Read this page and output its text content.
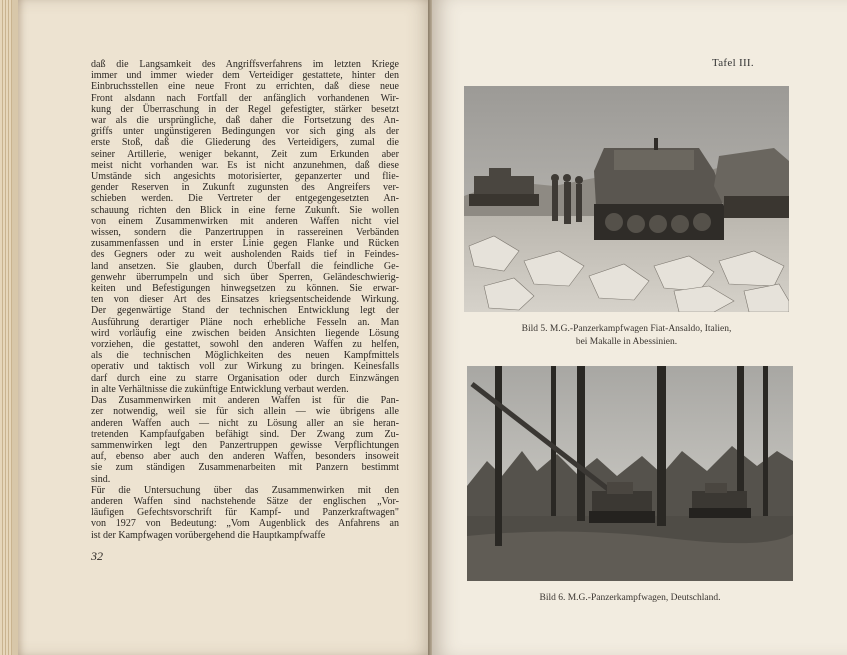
daß die Langsamkeit des Angriffsverfahrens im letzten Kriege
immer und immer wieder dem Verteidiger gestattete, hinter den
Einbruchsstellen eine neue Front zu errichten, daß diese neue
Front alsdann nach Fortfall der anfänglich vorhandenen Wir-
kung der Überraschung in der Regel gefestigter, stärker besetzt
war als die ursprüngliche, daß daher die Fortsetzung des An-
griffs unter ungünstigeren Bedingungen vor sich ging als der
erste Stoß, daß die Gliederung des Verteidigers, zumal die
seiner Artillerie, weniger bekannt, Zeit zum Erkunden aber
meist nicht vorhanden war. Es ist nicht anzunehmen, daß diese
Umstände sich angesichts motorisierter, gepanzerter und flie-
gender Reserven in Zukunft zugunsten des Angreifers ver-
schieben werden. Die Vertreter der entgegengesetzten An-
schauung richten den Blick in eine ferne Zukunft. Sie wollen
von einem Zusammenwirken mit anderen Waffen nicht viel
wissen, sondern die Panzertruppen in rassereinen Verbänden
zusammenfassen und in erster Linie gegen Flanke und Rücken
des Gegners oder zu weit ausholenden Raids tief in Feindes-
land ansetzen. Sie glauben, durch Überfall die feindliche Ge-
genwehr überrumpeln und sich über Sperren, Geländeschwierig-
keiten und Befestigungen hinwegsetzen zu können. Sie erwar-
ten von dieser Art des Einsatzes kriegsentscheidende Wirkung.
Der gegenwärtige Stand der technischen Entwicklung legt der
Ausführung derartiger Pläne noch erhebliche Fesseln an. Man
wird vorläufig eine zwischen beiden Ansichten liegende Lösung
vorziehen, die gestattet, sowohl den anderen Waffen zu helfen,
als die technischen Möglichkeiten des neuen Kampfmittels
operativ und taktisch voll zur Wirkung zu bringen. Keinesfalls
darf durch eine zu starre Organisation oder durch Einzwängen
in alte Verhältnisse die zukünftige Entwicklung verbaut werden.
Das Zusammenwirken mit anderen Waffen ist für die Pan-
zer notwendig, weil sie für sich allein — wie übrigens alle
anderen Waffen auch — nicht zu Lösung aller an sie heran-
tretenden Kampfaufgaben befähigt sind. Der Zwang zum Zu-
sammenwirken legt den Panzertruppen gewisse Verpflichtungen
auf, ebenso aber auch den anderen Waffen, besonders insoweit
sie zum ständigen Zusammenarbeiten mit Panzern bestimmt
sind.
Für die Untersuchung über das Zusammenwirken mit den
anderen Waffen sind nachstehende Sätze der englischen „Vor-
läufigen Gefechtsvorschrift für Kampf- und Panzerkraftwagen"
von 1927 von Bedeutung: „Vom Augenblick des Anfahrens an
ist der Kampfwagen vorübergehend die Hauptkampfwaffe
32
Tafel III.
Bild 5. M.G.-Panzerkampfwagen Fiat-Ansaldo, Italien,
bei Makalle in Abessinien.
Bild 6. M.G.-Panzerkampfwagen, Deutschland.
